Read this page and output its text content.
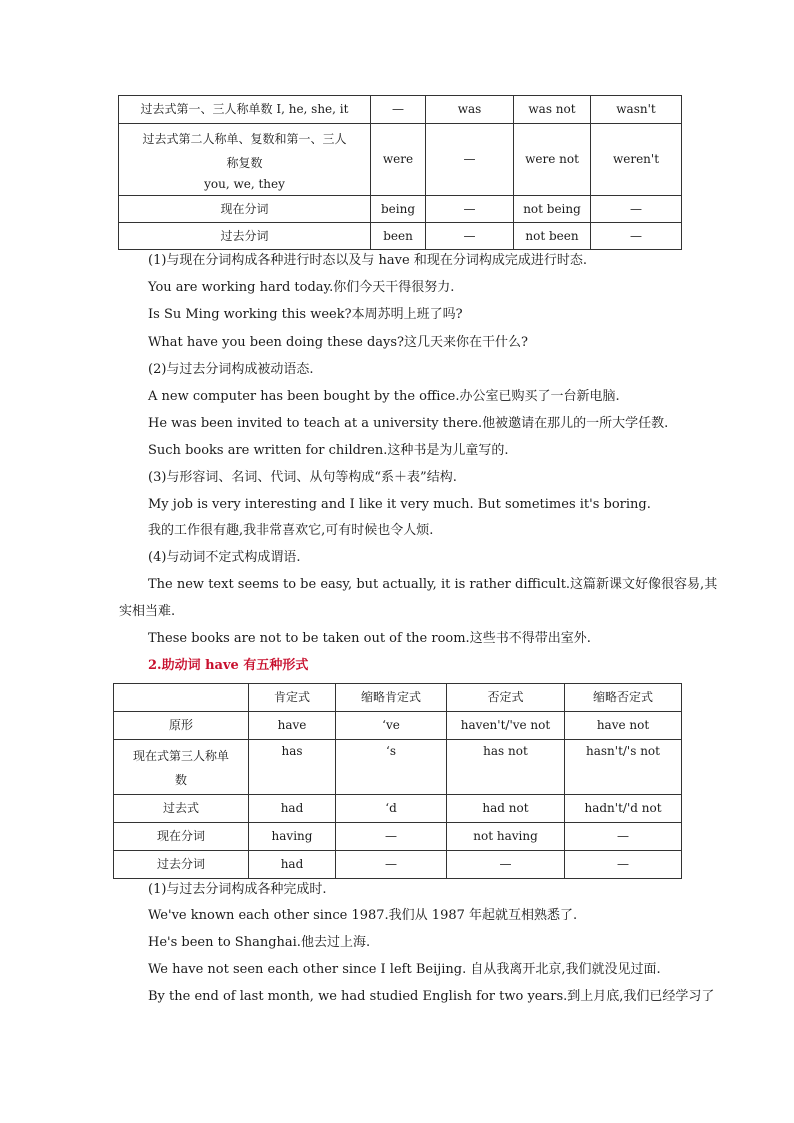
过去式第一、三人称单数 I, he, she, it	—	was	was not	wasn't

过去式第二人称单、复数和第一、三人
称复数
you, we, they	were	—	were not	weren't
现在分词	being	—	not being	—
过去分词	been	—	not been	—
(1)与现在分词构成各种进行时态以及与 have 和现在分词构成完成进行时态.
You are working hard today.你们今天干得很努力.
Is Su Ming working this week?本周苏明上班了吗?
What have you been doing these days?这几天来你在干什么?
(2)与过去分词构成被动语态.
A new computer has been bought by the office.办公室已购买了一台新电脑.
He was been invited to teach at a university there.他被邀请在那儿的一所大学任教.
Such books are written for children.这种书是为儿童写的.
(3)与形容词、名词、代词、从句等构成“系＋表”结构.
My job is very interesting and I like it very much. But sometimes it's boring.
我的工作很有趣,我非常喜欢它,可有时候也令人烦.
(4)与动词不定式构成谓语.
The new text seems to be easy, but actually, it is rather difficult.这篇新课文好像很容易,其
实相当难.
These books are not to be taken out of the room.这些书不得带出室外.
2.助动词 have 有五种形式
	肯定式	缩略肯定式	否定式	缩略否定式
原形	have	‘ve	haven't/'ve not	have not

现在式第三人称单
数	has	‘s	has not	hasn't/'s not
过去式	had	‘d	had not	hadn't/'d not
现在分词	having	—	not having	—
过去分词	had	—	—	—
(1)与过去分词构成各种完成时.
We've known each other since 1987.我们从 1987 年起就互相熟悉了.
He's been to Shanghai.他去过上海.
We have not seen each other since I left Beijing. 自从我离开北京,我们就没见过面.
By the end of last month, we had studied English for two years.到上月底,我们已经学习了
